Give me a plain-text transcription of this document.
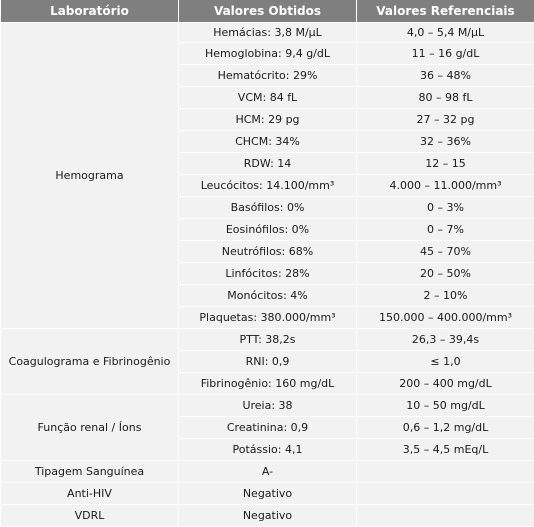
Laboratório	Valores Obtidos	Valores Referenciais
Hemograma	Hemácias: 3,8 M/µL	4,0 – 5,4 M/µL
	Hemoglobina: 9,4 g/dL	11 – 16 g/dL
	Hematócrito: 29%	36 – 48%
	VCM: 84 fL	80 – 98 fL
	HCM: 29 pg	27 – 32 pg
	CHCM: 34%	32 – 36%
	RDW: 14	12 – 15
	Leucócitos: 14.100/mm³	4.000 – 11.000/mm³
	Basófilos: 0%	0 – 3%
	Eosinófilos: 0%	0 – 7%
	Neutrófilos: 68%	45 – 70%
	Linfócitos: 28%	20 – 50%
	Monócitos: 4%	2 – 10%
	Plaquetas: 380.000/mm³	150.000 – 400.000/mm³
Coagulograma e Fibrinogênio	PTT: 38,2s	26,3 – 39,4s
	RNI: 0,9	≤ 1,0
	Fibrinogênio: 160 mg/dL	200 – 400 mg/dL
Função renal / Íons	Ureia: 38	10 – 50 mg/dL
	Creatinina: 0,9	0,6 – 1,2 mg/dL
	Potássio: 4,1	3,5 – 4,5 mEq/L
Tipagem Sanguínea	A-	
Anti-HIV	Negativo	
VDRL	Negativo	
